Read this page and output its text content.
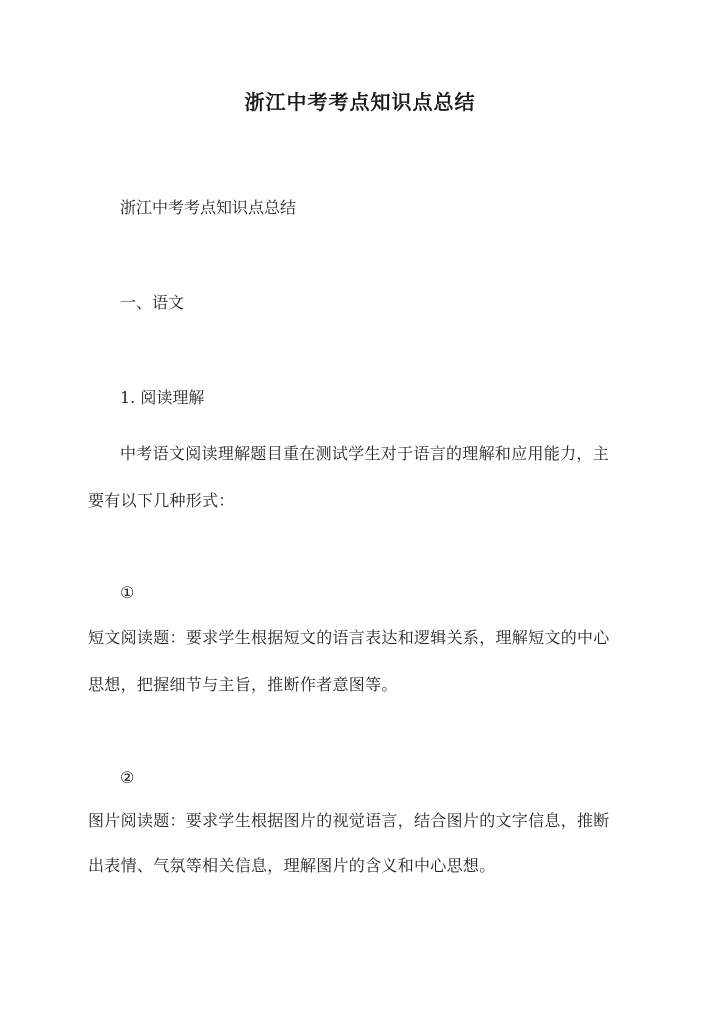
浙江中考考点知识点总结
浙江中考考点知识点总结
一、语文
1. 阅读理解
中考语文阅读理解题目重在测试学生对于语言的理解和应用能力，主
要有以下几种形式：
①
短文阅读题：要求学生根据短文的语言表达和逻辑关系，理解短文的中心
思想，把握细节与主旨，推断作者意图等。
②
图片阅读题：要求学生根据图片的视觉语言，结合图片的文字信息，推断
出表情、气氛等相关信息，理解图片的含义和中心思想。
